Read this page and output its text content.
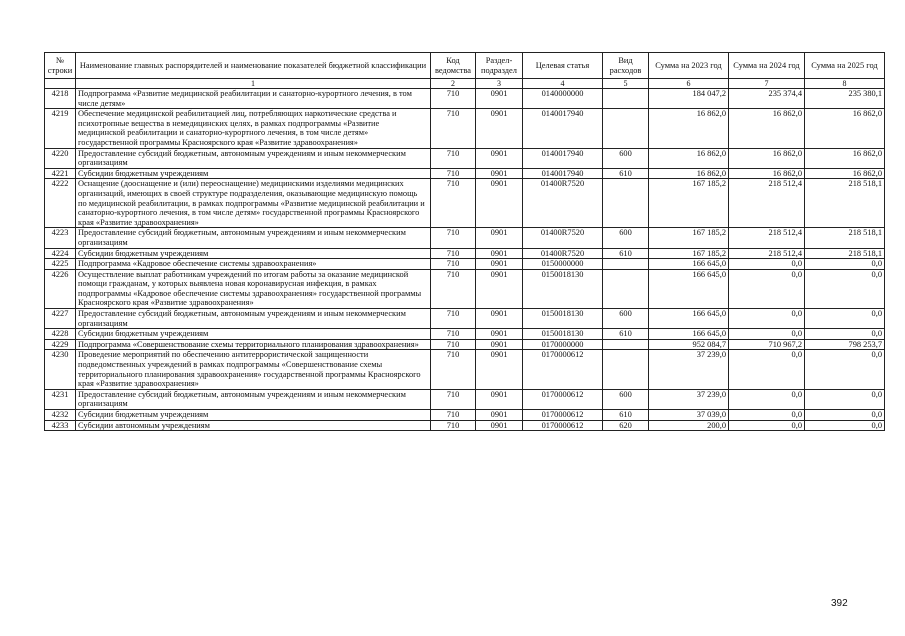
№ строки	Наименование главных распорядителей и наименование показателей бюджетной классификации	Код ведомства	Раздел-подраздел	Целевая статья	Вид расходов	Сумма на 2023 год	Сумма на 2024 год	Сумма на 2025 год
	1	2	3	4	5	6	7	8
4218	Подпрограмма «Развитие медицинской реабилитации и санаторно-курортного лечения, в том числе детям»	710	0901	0140000000		184 047,2	235 374,4	235 380,1
4219	Обеспечение медицинской реабилитацией лиц, потребляющих наркотические средства и психотропные вещества в немедицинских целях, в рамках подпрограммы «Развитие медицинской реабилитации и санаторно-курортного лечения, в том числе детям» государственной программы Красноярского края «Развитие здравоохранения»	710	0901	0140017940		16 862,0	16 862,0	16 862,0
4220	Предоставление субсидий бюджетным, автономным учреждениям и иным некоммерческим организациям	710	0901	0140017940	600	16 862,0	16 862,0	16 862,0
4221	Субсидии бюджетным учреждениям	710	0901	0140017940	610	16 862,0	16 862,0	16 862,0
4222	Оснащение (дооснащение и (или) переоснащение) медицинскими изделиями медицинских организаций, имеющих в своей структуре подразделения, оказывающие медицинскую помощь по медицинской реабилитации, в рамках подпрограммы «Развитие медицинской реабилитации и санаторно-курортного лечения, в том числе детям» государственной программы Красноярского края «Развитие здравоохранения»	710	0901	01400R7520		167 185,2	218 512,4	218 518,1
4223	Предоставление субсидий бюджетным, автономным учреждениям и иным некоммерческим организациям	710	0901	01400R7520	600	167 185,2	218 512,4	218 518,1
4224	Субсидии бюджетным учреждениям	710	0901	01400R7520	610	167 185,2	218 512,4	218 518,1
4225	Подпрограмма «Кадровое обеспечение системы здравоохранения»	710	0901	0150000000		166 645,0	0,0	0,0
4226	Осуществление выплат работникам учреждений по итогам работы за оказание медицинской помощи гражданам, у которых выявлена новая коронавирусная инфекция, в рамках подпрограммы «Кадровое обеспечение системы здравоохранения» государственной программы Красноярского края «Развитие здравоохранения»	710	0901	0150018130		166 645,0	0,0	0,0
4227	Предоставление субсидий бюджетным, автономным учреждениям и иным некоммерческим организациям	710	0901	0150018130	600	166 645,0	0,0	0,0
4228	Субсидии бюджетным учреждениям	710	0901	0150018130	610	166 645,0	0,0	0,0
4229	Подпрограмма «Совершенствование схемы территориального планирования здравоохранения»	710	0901	0170000000		952 084,7	710 967,2	798 253,7
4230	Проведение мероприятий по обеспечению антитеррористической защищенности подведомственных учреждений в рамках подпрограммы «Совершенствование схемы территориального планирования здравоохранения» государственной программы Красноярского края «Развитие здравоохранения»	710	0901	0170000612		37 239,0	0,0	0,0
4231	Предоставление субсидий бюджетным, автономным учреждениям и иным некоммерческим организациям	710	0901	0170000612	600	37 239,0	0,0	0,0
4232	Субсидии бюджетным учреждениям	710	0901	0170000612	610	37 039,0	0,0	0,0
4233	Субсидии автономным учреждениям	710	0901	0170000612	620	200,0	0,0	0,0
392
